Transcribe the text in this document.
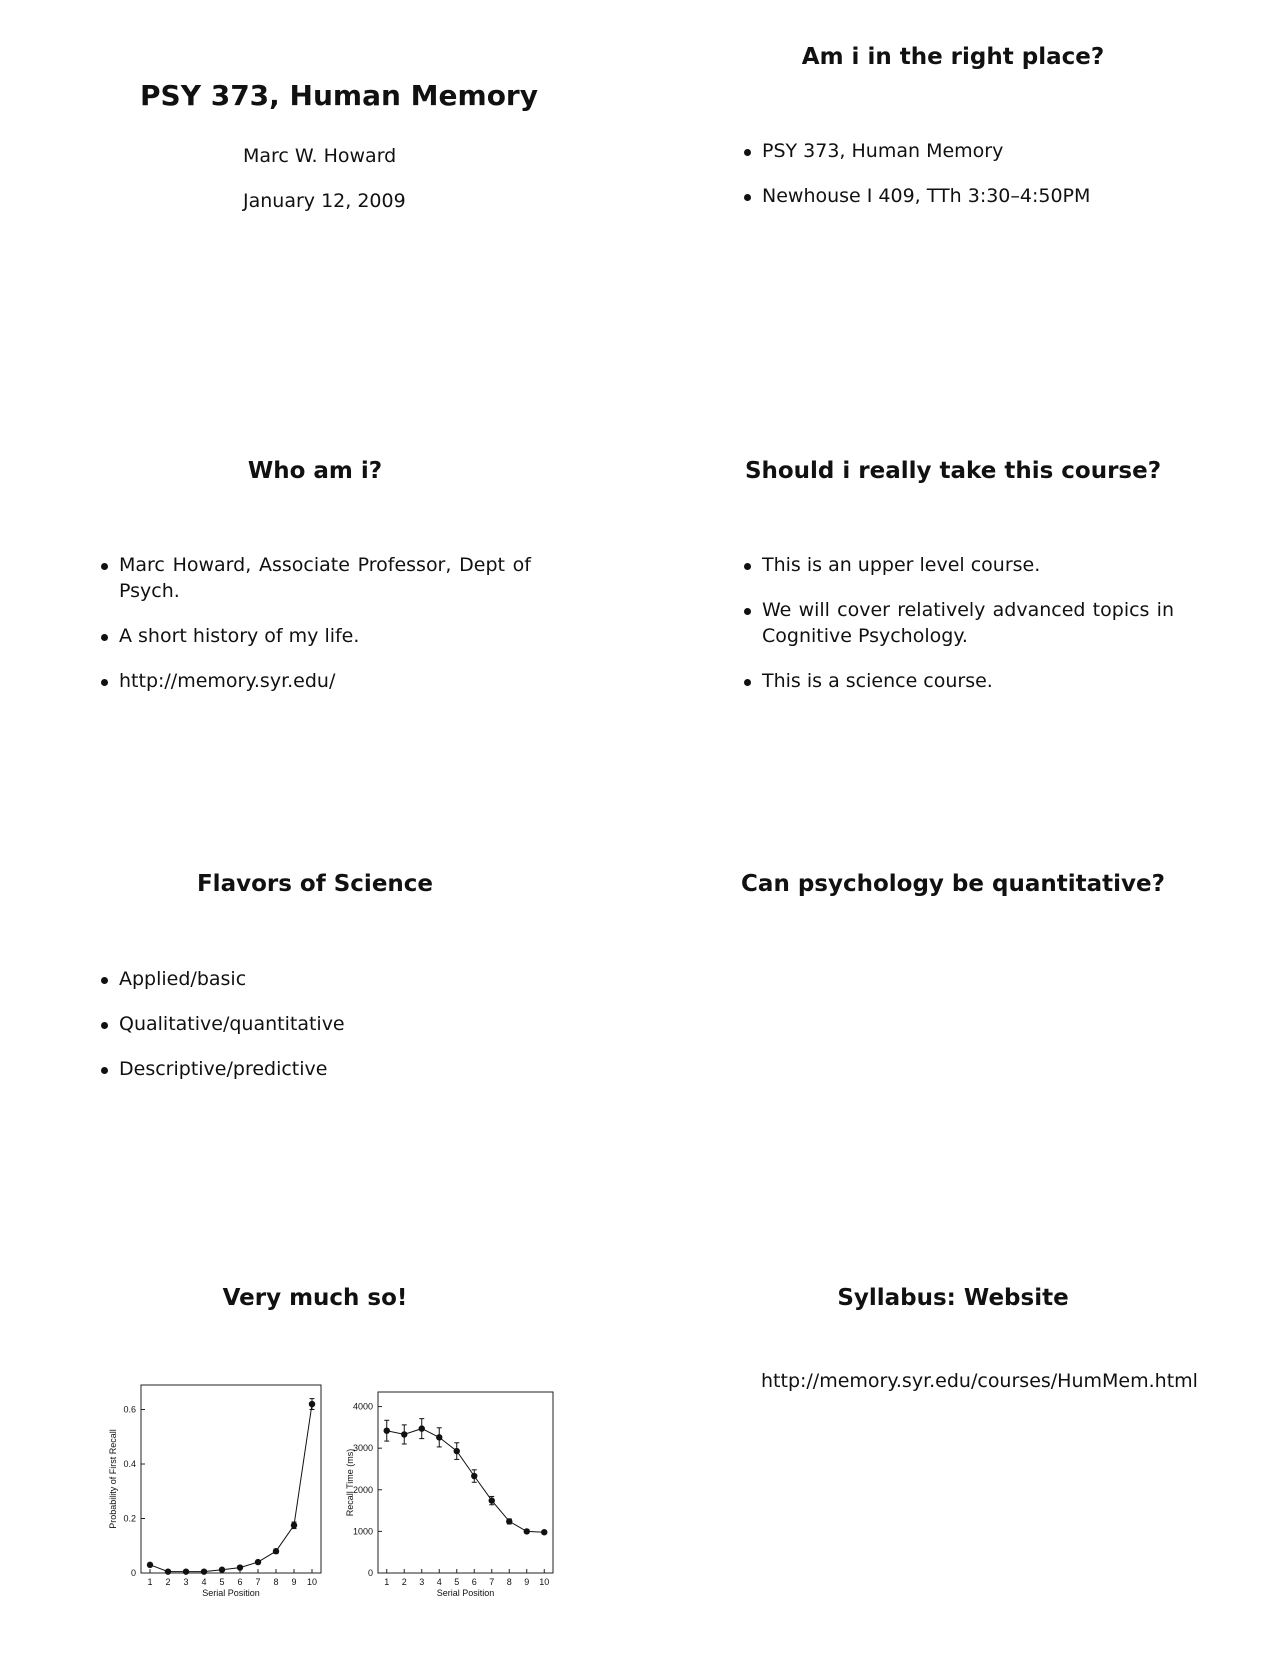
PSY 373, Human Memory

Marc W. Howard

January 12, 2009

Am i in the right place?
PSY 373, Human Memory
Newhouse I 409, TTh 3:30–4:50PM
Who am i?
Marc Howard, Associate Professor, Dept of Psych.
A short history of my life.
http://memory.syr.edu/
Should i really take this course?
This is an upper level course.
We will cover relatively advanced topics in Cognitive Psychology.
This is a science course.
Flavors of Science
Applied/basic
Qualitative/quantitative
Descriptive/predictive
Can psychology be quantitative?
Very much so!
0
0.2
0.4
0.6
1 2 3 4 5 6 7 8 9 10
Serial Position
Probability of First Recall
0
1000
2000
3000
4000
1 2 3 4 5 6 7 8 9 10
Serial Position
Recall Time (ms)
Syllabus: Website

http://memory.syr.edu/courses/HumMem.html
